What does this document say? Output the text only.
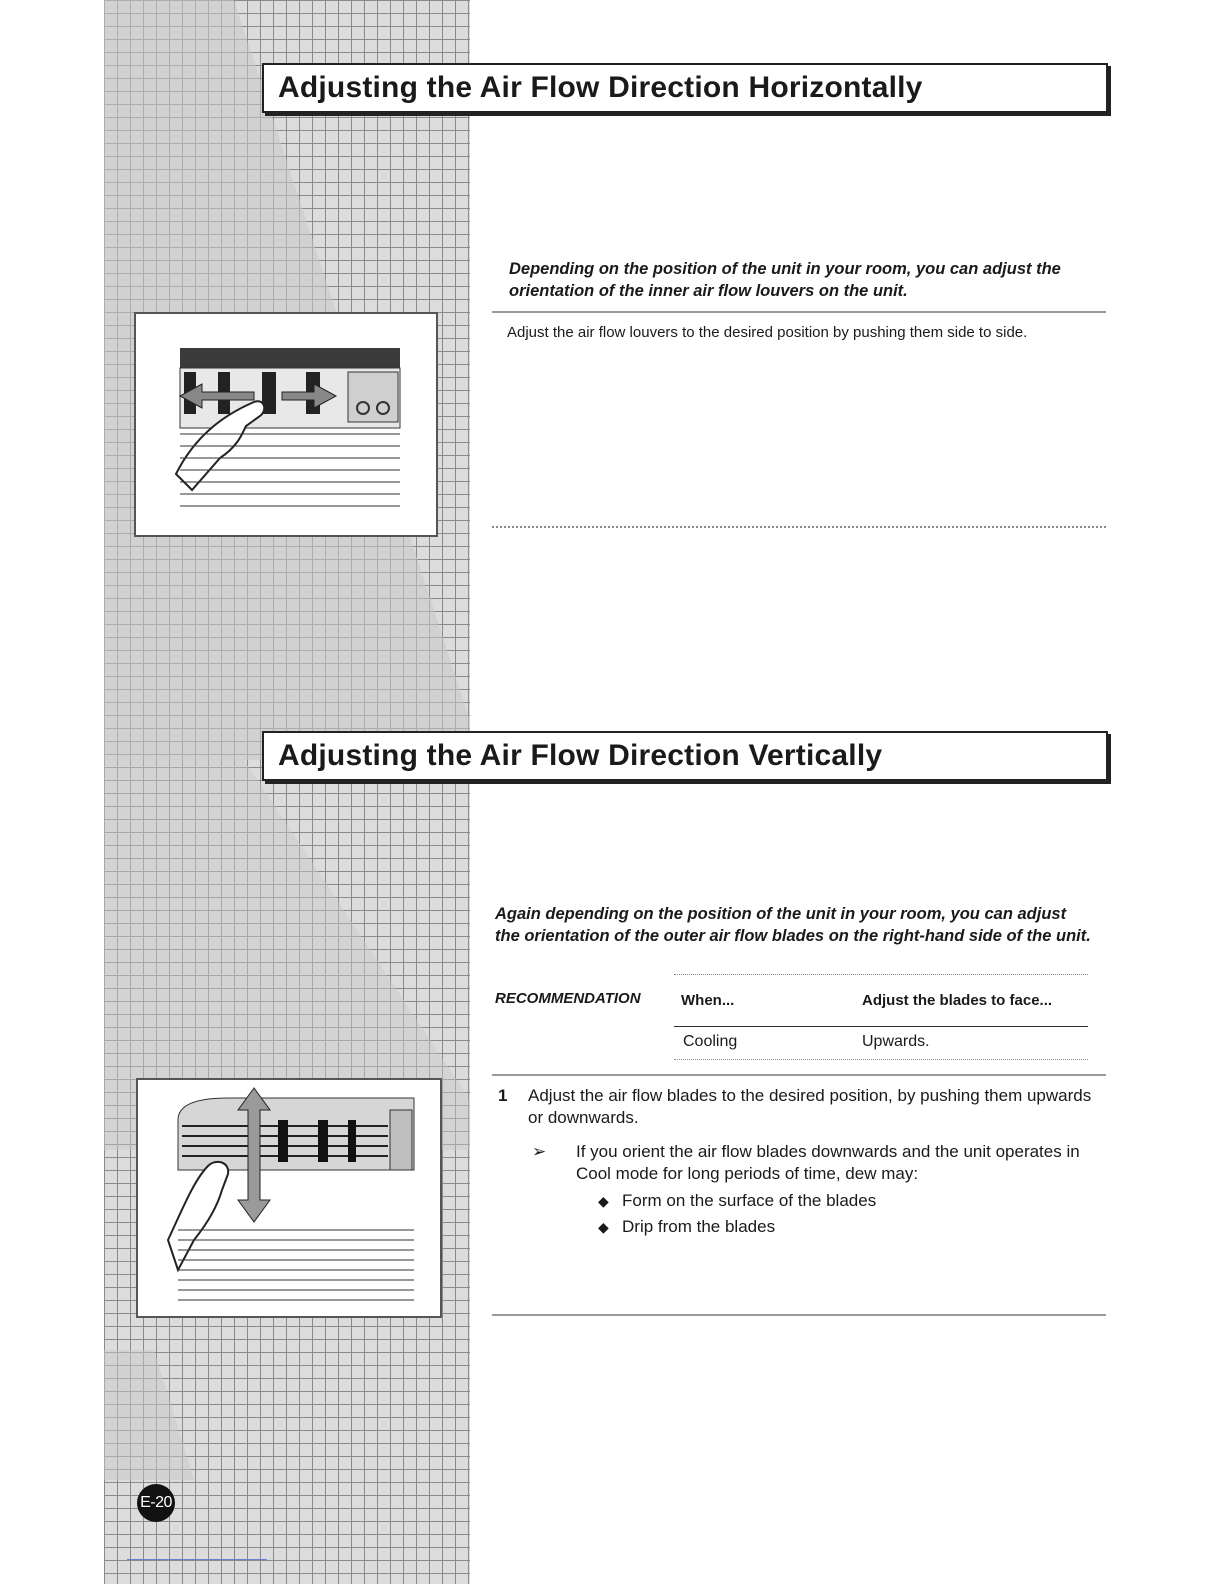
Adjusting the Air Flow Direction Horizontally

Depending on the position of the unit in your room, you can adjust the orientation of the inner air flow louvers on the unit.

Adjust the air flow louvers to the desired position by pushing them side to side.

Adjusting the Air Flow Direction Vertically

Again depending on the position of the unit in your room, you can adjust the orientation of the outer air flow blades on the right-hand side of the unit.

RECOMMENDATION	When...	Adjust the blades to face...
Cooling	Upwards.
1 Adjust the air flow blades to the desired position, by pushing them upwards or downwards.
➢ If you orient the air flow blades downwards and the unit operates in Cool mode for long periods of time, dew may:
◆ Form on the surface of the blades
◆ Drip from the blades
E-20
